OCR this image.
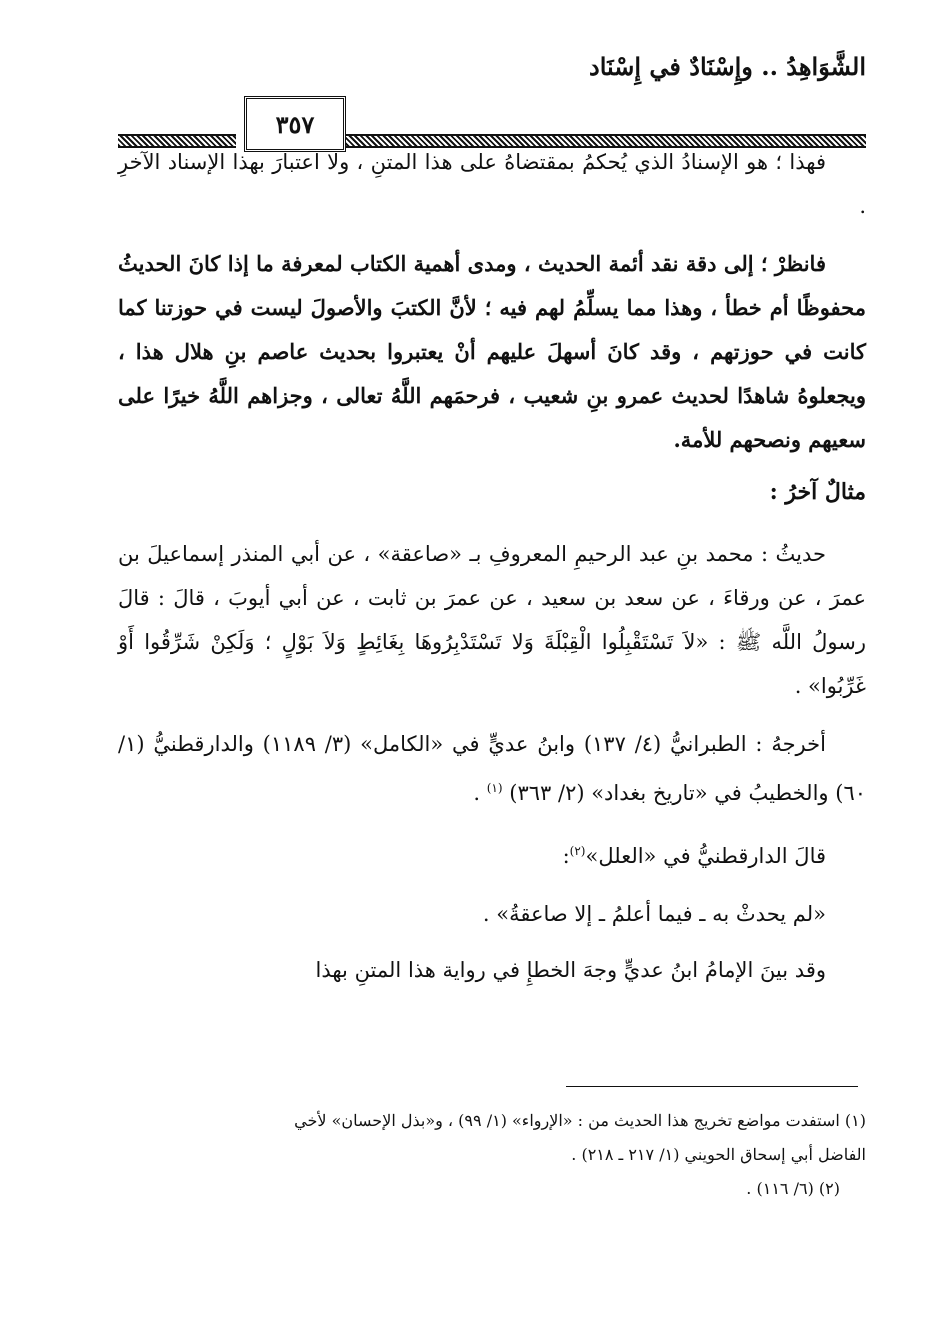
الشَّوَاهِدُ .. وإِسْنَادٌ في إِسْنَاد
٣٥٧

فهذا ؛ هو الإسنادُ الذي يُحكمُ بمقتضاهُ على هذا المتنِ ، ولا اعتبارَ بهذا الإسناد الآخرِ .

فانظرْ ؛ إلى دقة نقد أئمة الحديث ، ومدى أهمية الكتاب لمعرفة ما إذا كانَ الحديثُ محفوظًا أم خطأ ، وهذا مما يسلِّمُ لهم فيه ؛ لأنَّ الكتبَ والأصولَ ليست في حوزتنا كما كانت في حوزتهم ، وقد كانَ أسهلَ عليهم أنْ يعتبروا بحديث عاصم بنِ هلال هذا ، ويجعلوهُ شاهدًا لحديث عمرو بنِ شعيب ، فرحمَهم اللَّهُ تعالى ، وجزاهم اللَّهُ خيرًا على سعيهم ونصحهم للأمة.

مثالٌ آخرُ :

حديثُ : محمد بنِ عبد الرحيمِ المعروفِ بـ «صاعقة» ، عن أبي المنذر إسماعيلَ بن عمرَ ، عن ورقاءَ ، عن سعد بن سعيد ، عن عمرَ بن ثابت ، عن أبي أيوبَ ، قالَ : قالَ رسولُ اللَّه ﷺ : «لاَ تَسْتَقْبِلُوا الْقِبْلَةَ وَلا تَسْتَدْبِرُوهَا بِغَائِطٍ وَلاَ بَوْلٍ ؛ وَلَكِنْ شَرِّقُوا أَوْ غَرِّبُوا» .

أخرجهُ : الطبرانيُّ (٤/ ١٣٧) وابنُ عديٍّ في «الكامل» (٣/ ١١٨٩) والدارقطنيُّ (١/ ٦٠) والخطيبُ في «تاريخ بغداد» (٢/ ٣٦٣) $^{(١)}$ .

قالَ الدارقطنيُّ في «العلل»$^{(٢)}$:

«لم يحدثْ به ـ فيما أعلمُ ـ إلا صاعقةُ» .

وقد بينَ الإمامُ ابنُ عديٍّ وجهَ الخطإِ في رواية هذا المتنِ بهذا

(١) استفدت مواضع تخريج هذا الحديث من : «الإرواء» (١/ ٩٩) ، و«بذل الإحسان» لأخي

الفاضل أبي إسحاق الحويني (١/ ٢١٧ ـ ٢١٨) .

(٢) (٦/ ١١٦) .
